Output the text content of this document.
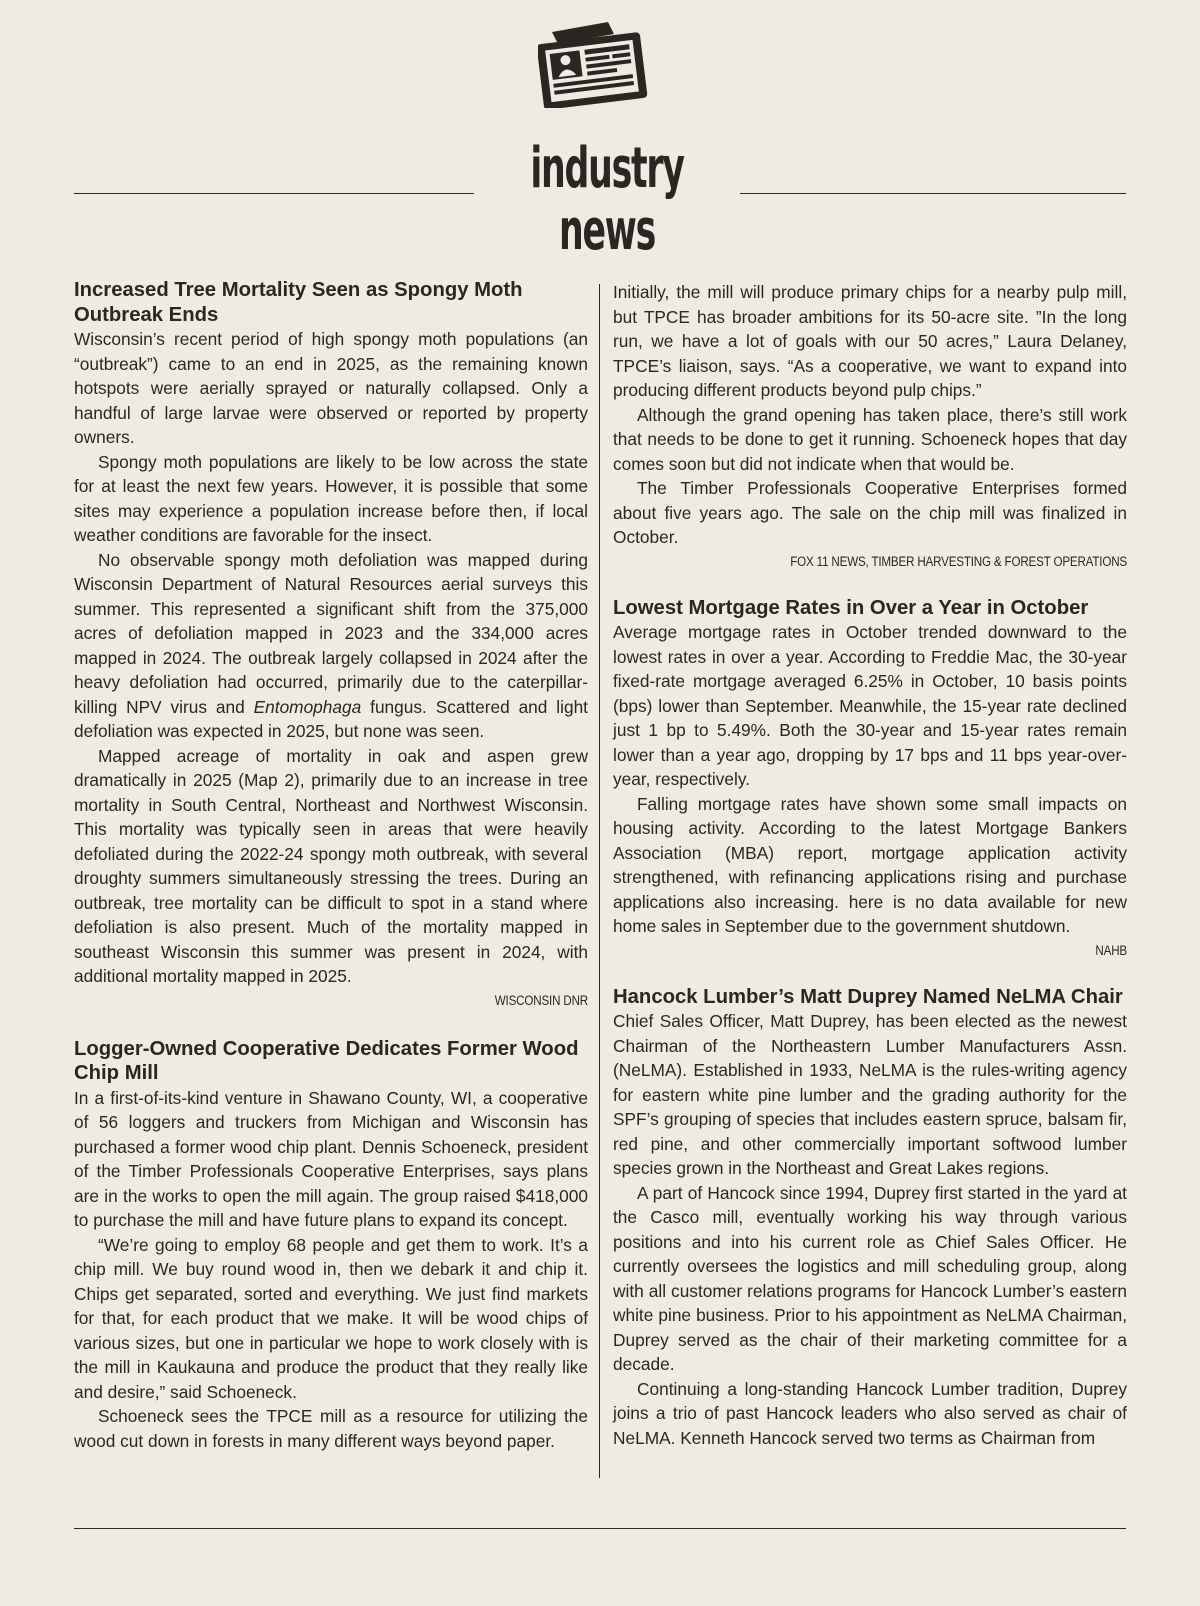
industry news
Increased Tree Mortality Seen as Spongy Moth Outbreak Ends

Wisconsin’s recent period of high spongy moth populations (an “outbreak”) came to an end in 2025, as the remaining known hotspots were aerially sprayed or naturally collapsed. Only a handful of large larvae were observed or reported by property owners.

Spongy moth populations are likely to be low across the state for at least the next few years. However, it is possible that some sites may experience a population increase before then, if local weather conditions are favorable for the insect.

No observable spongy moth defoliation was mapped during Wisconsin Department of Natural Resources aerial surveys this summer. This represented a significant shift from the 375,000 acres of defoliation mapped in 2023 and the 334,000 acres mapped in 2024. The outbreak largely collapsed in 2024 after the heavy defoliation had occurred, primarily due to the caterpillar-killing NPV virus and Entomophaga fungus. Scattered and light defoliation was expected in 2025, but none was seen.

Mapped acreage of mortality in oak and aspen grew dramatically in 2025 (Map 2), primarily due to an increase in tree mortality in South Central, Northeast and Northwest Wisconsin. This mortality was typically seen in areas that were heavily defoliated during the 2022-24 spongy moth outbreak, with several droughty summers simultaneously stressing the trees. During an outbreak, tree mortality can be difficult to spot in a stand where defoliation is also present. Much of the mortality mapped in southeast Wisconsin this summer was present in 2024, with additional mortality mapped in 2025.

WISCONSIN DNR
Logger-Owned Cooperative Dedicates Former Wood Chip Mill

In a first-of-its-kind venture in Shawano County, WI, a cooperative of 56 loggers and truckers from Michigan and Wisconsin has purchased a former wood chip plant. Dennis Schoeneck, president of the Timber Professionals Cooperative Enterprises, says plans are in the works to open the mill again. The group raised $418,000 to purchase the mill and have future plans to expand its concept.

“We’re going to employ 68 people and get them to work. It’s a chip mill. We buy round wood in, then we debark it and chip it. Chips get separated, sorted and everything. We just find markets for that, for each product that we make. It will be wood chips of various sizes, but one in particular we hope to work closely with is the mill in Kaukauna and produce the product that they really like and desire,” said Schoeneck.

Schoeneck sees the TPCE mill as a resource for utilizing the wood cut down in forests in many different ways beyond paper.

Initially, the mill will produce primary chips for a nearby pulp mill, but TPCE has broader ambitions for its 50-acre site. ”In the long run, we have a lot of goals with our 50 acres,” Laura Delaney, TPCE’s liaison, says. “As a cooperative, we want to expand into producing different products beyond pulp chips.”

Although the grand opening has taken place, there’s still work that needs to be done to get it running. Schoeneck hopes that day comes soon but did not indicate when that would be.

The Timber Professionals Cooperative Enterprises formed about five years ago. The sale on the chip mill was finalized in October.

FOX 11 NEWS, TIMBER HARVESTING & FOREST OPERATIONS
Lowest Mortgage Rates in Over a Year in October

Average mortgage rates in October trended downward to the lowest rates in over a year. According to Freddie Mac, the 30-year fixed-rate mortgage averaged 6.25% in October, 10 basis points (bps) lower than September. Meanwhile, the 15-year rate declined just 1 bp to 5.49%. Both the 30-year and 15-year rates remain lower than a year ago, dropping by 17 bps and 11 bps year-over-year, respectively.

Falling mortgage rates have shown some small impacts on housing activity. According to the latest Mortgage Bankers Association (MBA) report, mortgage application activity strengthened, with refinancing applications rising and purchase applications also increasing. here is no data available for new home sales in September due to the government shutdown.

NAHB
Hancock Lumber’s Matt Duprey Named NeLMA Chair

Chief Sales Officer, Matt Duprey, has been elected as the newest Chairman of the Northeastern Lumber Manufacturers Assn. (NeLMA). Established in 1933, NeLMA is the rules-writing agency for eastern white pine lumber and the grading authority for the SPF’s grouping of species that includes eastern spruce, balsam fir, red pine, and other commercially important softwood lumber species grown in the Northeast and Great Lakes regions.

A part of Hancock since 1994, Duprey first started in the yard at the Casco mill, eventually working his way through various positions and into his current role as Chief Sales Officer. He currently oversees the logistics and mill scheduling group, along with all customer relations programs for Hancock Lumber’s eastern white pine business. Prior to his appointment as NeLMA Chairman, Duprey served as the chair of their marketing committee for a decade.

Continuing a long-standing Hancock Lumber tradition, Duprey joins a trio of past Hancock leaders who also served as chair of NeLMA. Kenneth Hancock served two terms as Chairman from
